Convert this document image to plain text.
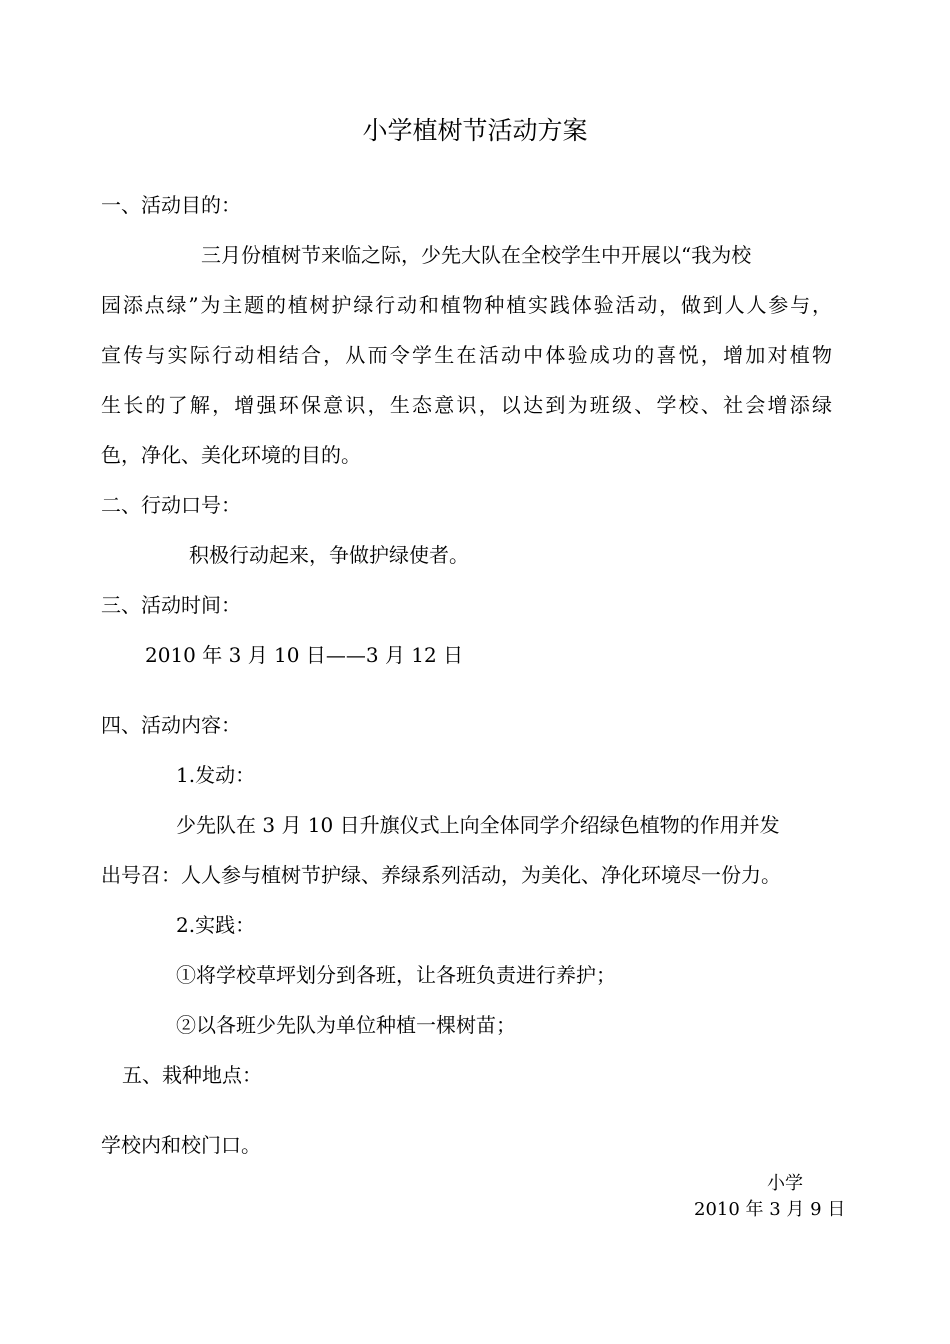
小学植树节活动方案
一、活动目的：
三月份植树节来临之际，少先大队在全校学生中开展以“我为校
园添点绿”为主题的植树护绿行动和植物种植实践体验活动，做到人人参与，
宣传与实际行动相结合，从而令学生在活动中体验成功的喜悦，增加对植物
生长的了解，增强环保意识，生态意识，以达到为班级、学校、社会增添绿
色，净化、美化环境的目的。
二、行动口号：
积极行动起来，争做护绿使者。
三、活动时间：
2010 年 3 月 10 日——3 月 12 日
四、活动内容：
1.发动：
少先队在 3 月 10 日升旗仪式上向全体同学介绍绿色植物的作用并发
出号召：人人参与植树节护绿、养绿系列活动，为美化、净化环境尽一份力。
2.实践：
①将学校草坪划分到各班，让各班负责进行养护；
②以各班少先队为单位种植一棵树苗；
五、栽种地点：
学校内和校门口。
小学
2010 年 3 月 9 日
